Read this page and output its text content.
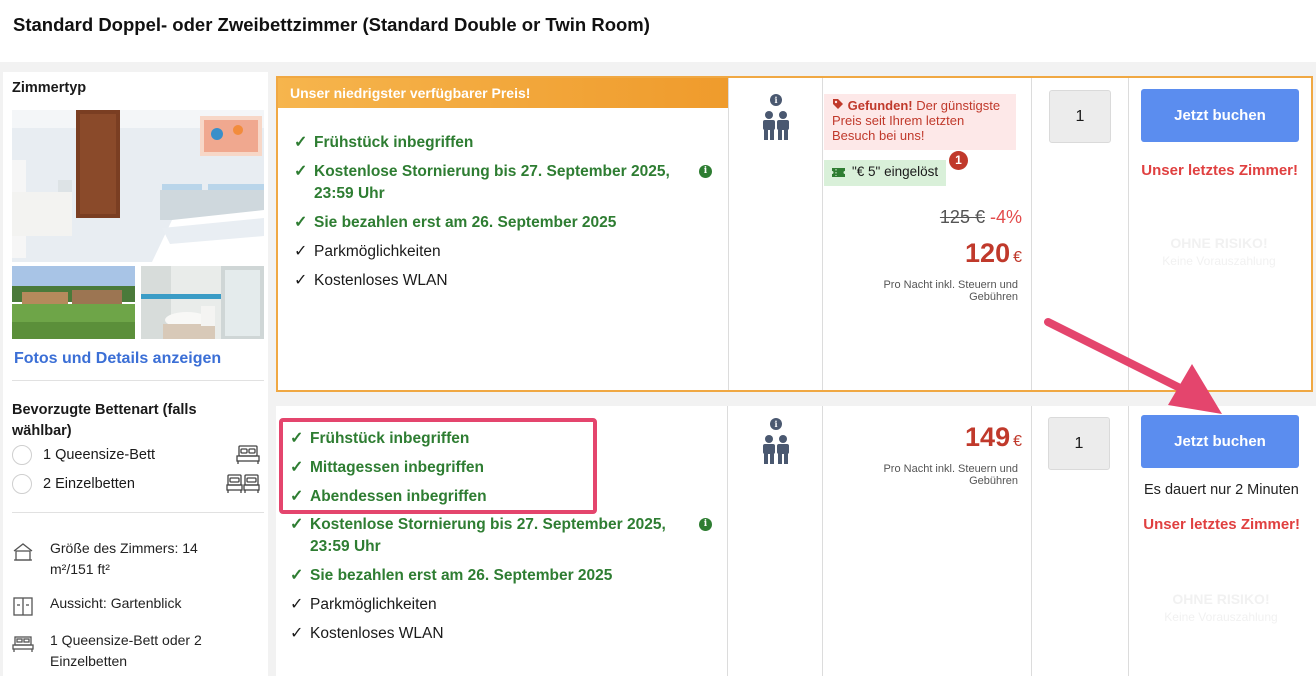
Standard Doppel- oder Zweibettzimmer (Standard Double or Twin Room)
Zimmertyp
Fotos und Details anzeigen
Bevorzugte Bettenart (falls wählbar)
1 Queensize-Bett
2 Einzelbetten
Größe des Zimmers: 14 m²/151 ft²
Aussicht: Gartenblick
1 Queensize-Bett oder 2 Einzelbetten
Unser niedrigster verfügbarer Preis!
✓ Frühstück inbegriffen
✓ Kostenlose Stornierung bis 27. September 2025, 23:59 Uhr
i
✓ Sie bezahlen erst am 26. September 2025
✓ Parkmöglichkeiten
✓ Kostenloses WLAN
i	Gefunden! Der günstigste Preis seit Ihrem letzten Besuch bei uns!
"€ 5" eingelöst
1
125 € -4%
120 €
Pro Nacht inkl. Steuern und Gebühren
1	Jetzt buchen
Unser letztes Zimmer!
OHNE RISIKO!
Keine Vorauszahlung
✓ Frühstück inbegriffen
✓ Mittagessen inbegriffen
✓ Abendessen inbegriffen
✓ Kostenlose Stornierung bis 27. September 2025, 23:59 Uhr
i
✓ Sie bezahlen erst am 26. September 2025
✓ Parkmöglichkeiten
✓ Kostenloses WLAN
i	149 €
Pro Nacht inkl. Steuern und Gebühren
1	Jetzt buchen
Es dauert nur 2 Minuten
Unser letztes Zimmer!
OHNE RISIKO!
Keine Vorauszahlung
